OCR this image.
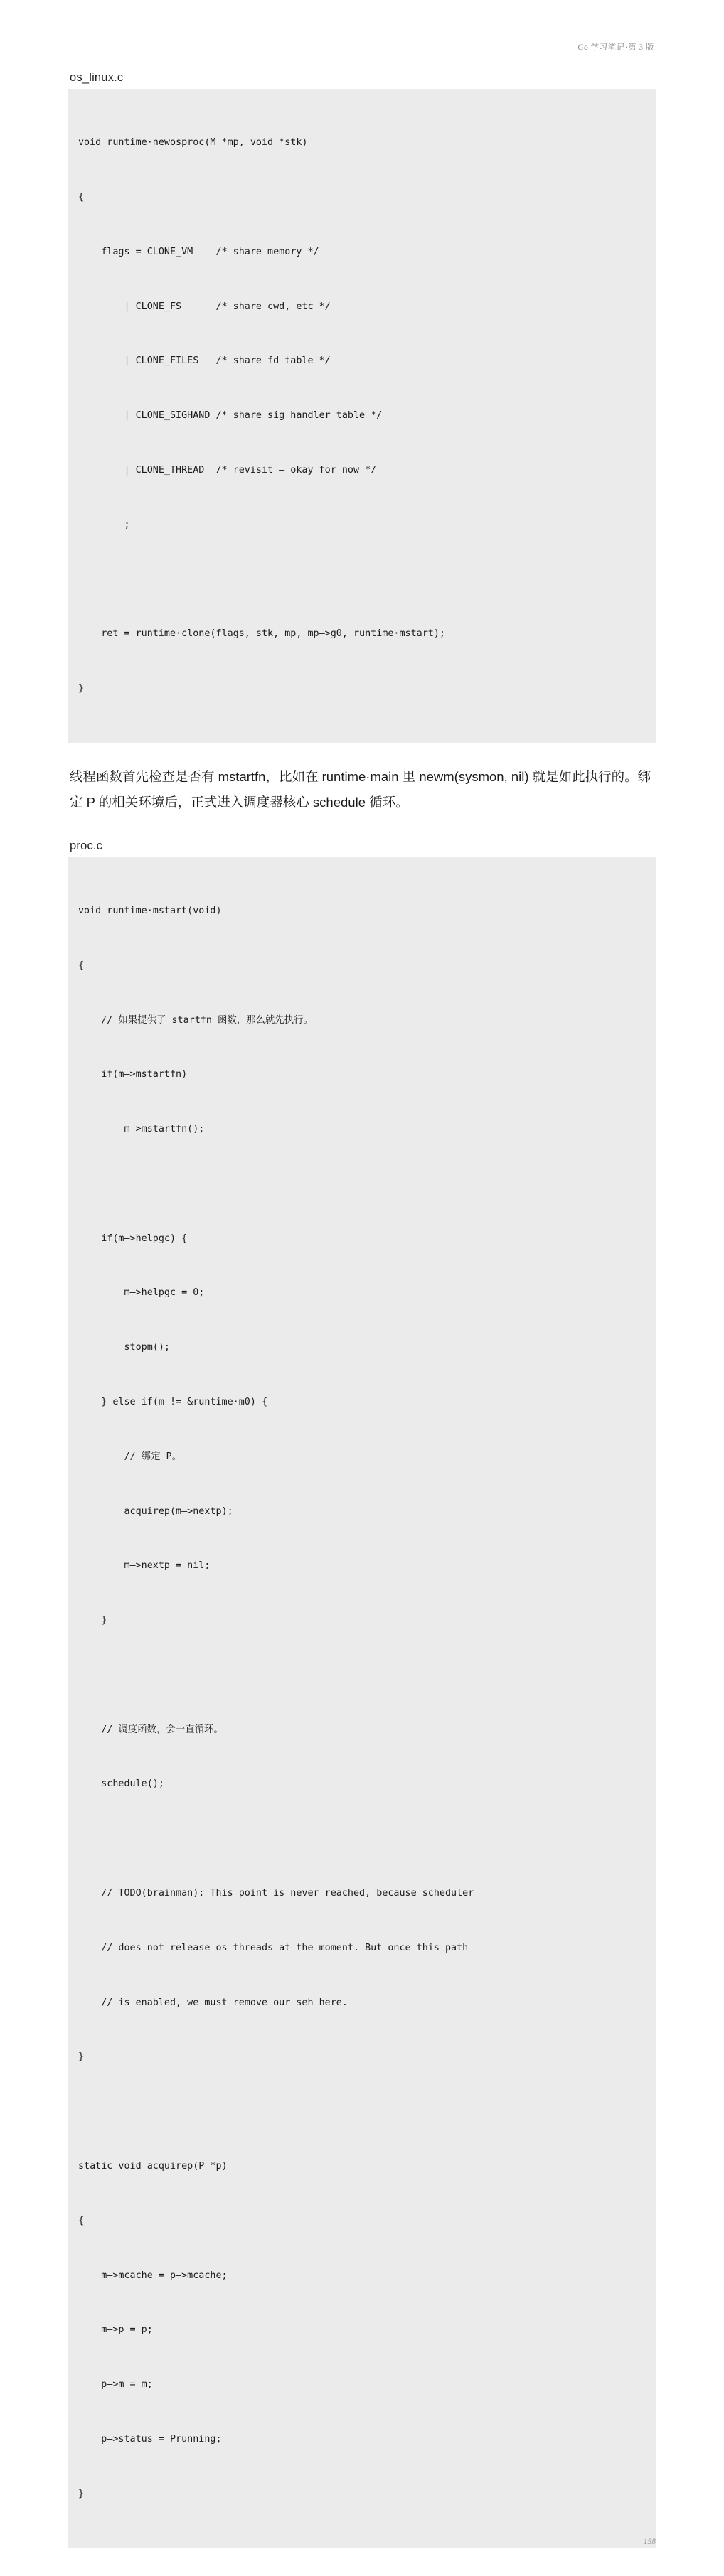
Go 学习笔记·第 3 版
os_linux.c

void runtime·newosproc(M *mp, void *stk)

{

flags = CLONE_VM    /* share memory */

| CLONE_FS      /* share cwd, etc */

| CLONE_FILES   /* share fd table */

| CLONE_SIGHAND /* share sig handler table */

| CLONE_THREAD  /* revisit – okay for now */

;

ret = runtime·clone(flags, stk, mp, mp–>g0, runtime·mstart);

}

线程函数首先检查是否有 mstartfn，比如在 runtime·main 里 newm(sysmon, nil) 就是如此执行的。绑定 P 的相关环境后，正式进入调度器核心 schedule 循环。

proc.c

void runtime·mstart(void)

{

// 如果提供了 startfn 函数，那么就先执行。

if(m–>mstartfn)

m–>mstartfn();

if(m–>helpgc) {

m–>helpgc = 0;

stopm();

} else if(m != &runtime·m0) {

// 绑定 P。

acquirep(m–>nextp);

m–>nextp = nil;

}

// 调度函数，会一直循环。

schedule();

// TODO(brainman): This point is never reached, because scheduler

// does not release os threads at the moment. But once this path

// is enabled, we must remove our seh here.

}

static void acquirep(P *p)

{

m–>mcache = p–>mcache;

m–>p = p;

p–>m = m;

p–>status = Prunning;

}

158
